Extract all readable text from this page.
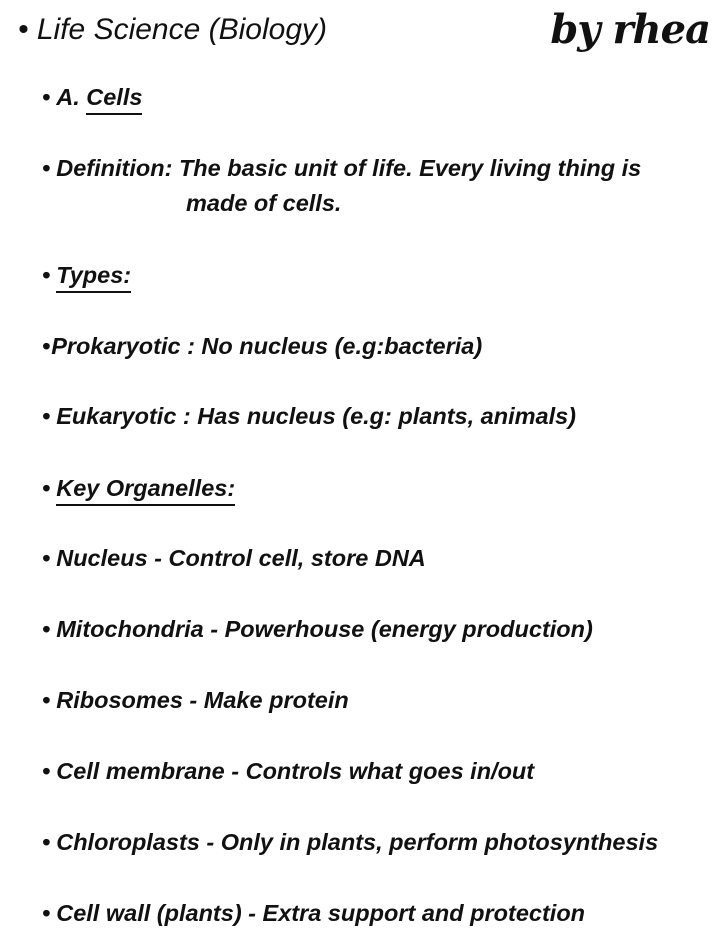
• Life Science (Biology)	by rhea
• A. Cells
• Definition: The basic unit of life. Every living thing is
made of cells.
• Types:
•Prokaryotic : No nucleus (e.g:bacteria)
• Eukaryotic : Has nucleus (e.g: plants, animals)
• Key Organelles:
• Nucleus - Control cell, store DNA
• Mitochondria - Powerhouse (energy production)
• Ribosomes - Make protein
• Cell membrane - Controls what goes in/out
• Chloroplasts - Only in plants, perform photosynthesis
• Cell wall (plants) - Extra support and protection
